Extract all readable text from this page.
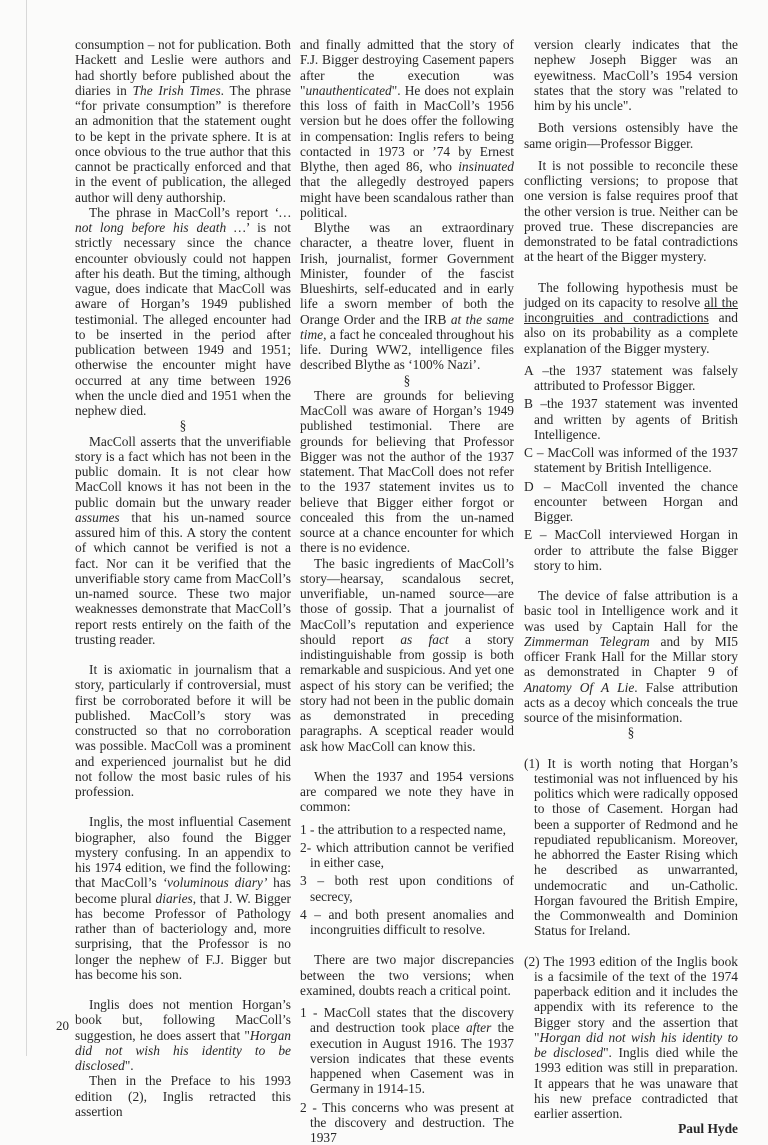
consumption – not for publication. Both Hackett and Leslie were authors and had shortly before published about the diaries in The Irish Times. The phrase “for private consumption” is therefore an admonition that the statement ought to be kept in the private sphere. It is at once obvious to the true author that this cannot be practically enforced and that in the event of publication, the alleged author will deny authorship.

The phrase in MacColl’s report ‘…not long before his death …’ is not strictly necessary since the chance encounter obviously could not happen after his death. But the timing, although vague, does indicate that MacColl was aware of Horgan’s 1949 published testimonial. The alleged encounter had to be inserted in the period after publication between 1949 and 1951; otherwise the encounter might have occurred at any time between 1926 when the uncle died and 1951 when the nephew died.

§

MacColl asserts that the unverifiable story is a fact which has not been in the public domain. It is not clear how MacColl knows it has not been in the public domain but the unwary reader assumes that his un-named source assured him of this. A story the content of which cannot be verified is not a fact. Nor can it be verified that the unverifiable story came from MacColl’s un-named source. These two major weaknesses demonstrate that MacColl’s report rests entirely on the faith of the trusting reader.

It is axiomatic in journalism that a story, particularly if controversial, must first be corroborated before it will be published. MacColl’s story was constructed so that no corroboration was possible. MacColl was a prominent and experienced journalist but he did not follow the most basic rules of his profession.

Inglis, the most influential Casement biographer, also found the Bigger mystery confusing. In an appendix to his 1974 edition, we find the following: that MacColl’s ‘voluminous diary’ has become plural diaries, that J. W. Bigger has become Professor of Pathology rather than of bacteriology and, more surprising, that the Professor is no longer the nephew of F.J. Bigger but has become his son.

Inglis does not mention Horgan’s book but, following MacColl’s suggestion, he does assert that "Horgan did not wish his identity to be disclosed".

Then in the Preface to his 1993 edition (2), Inglis retracted this assertion

and finally admitted that the story of F.J. Bigger destroying Casement papers after the execution was "unauthenticated". He does not explain this loss of faith in MacColl’s 1956 version but he does offer the following in compensation: Inglis refers to being contacted in 1973 or ’74 by Ernest Blythe, then aged 86, who insinuated that the allegedly destroyed papers might have been scandalous rather than political.

Blythe was an extraordinary character, a theatre lover, fluent in Irish, journalist, former Government Minister, founder of the fascist Blueshirts, self-educated and in early life a sworn member of both the Orange Order and the IRB at the same time, a fact he concealed throughout his life. During WW2, intelligence files described Blythe as ‘100% Nazi’.

§

There are grounds for believing MacColl was aware of Horgan’s 1949 published testimonial. There are grounds for believing that Professor Bigger was not the author of the 1937 statement. That MacColl does not refer to the 1937 statement invites us to believe that Bigger either forgot or concealed this from the un-named source at a chance encounter for which there is no evidence.

The basic ingredients of MacColl’s story—hearsay, scandalous secret, unverifiable, un-named source—are those of gossip. That a journalist of MacColl’s reputation and experience should report as fact a story indistinguishable from gossip is both remarkable and suspicious. And yet one aspect of his story can be verified; the story had not been in the public domain as demonstrated in preceding paragraphs. A sceptical reader would ask how MacColl can know this.

When the 1937 and 1954 versions are compared we note they have in common:

1 - the attribution to a respected name,

2- which attribution cannot be verified in either case,

3 – both rest upon conditions of secrecy,

4 – and both present anomalies and incongruities difficult to resolve.

There are two major discrepancies between the two versions; when examined, doubts reach a critical point.

1 - MacColl states that the discovery and destruction took place after the execution in August 1916. The 1937 version indicates that these events happened when Casement was in Germany in 1914-15.

2 - This concerns who was present at the discovery and destruction. The 1937

version clearly indicates that the nephew Joseph Bigger was an eyewitness. MacColl’s 1954 version states that the story was "related to him by his uncle".

Both versions ostensibly have the same origin—Professor Bigger.

It is not possible to reconcile these conflicting versions; to propose that one version is false requires proof that the other version is true. Neither can be proved true. These discrepancies are demonstrated to be fatal contradictions at the heart of the Bigger mystery.

The following hypothesis must be judged on its capacity to resolve all the incongruities and contradictions and also on its probability as a complete explanation of the Bigger mystery.

A –the 1937 statement was falsely attributed to Professor Bigger.

B –the 1937 statement was invented and written by agents of British Intelligence.

C – MacColl was informed of the 1937 statement by British Intelligence.

D – MacColl invented the chance encounter between Horgan and Bigger.

E – MacColl interviewed Horgan in order to attribute the false Bigger story to him.

The device of false attribution is a basic tool in Intelligence work and it was used by Captain Hall for the Zimmerman Telegram and by MI5 officer Frank Hall for the Millar story as demonstrated in Chapter 9 of Anatomy Of A Lie. False attribution acts as a decoy which conceals the true source of the misinformation.

§

(1) It is worth noting that Horgan’s testimonial was not influenced by his politics which were radically opposed to those of Casement. Horgan had been a supporter of Redmond and he repudiated republicanism. Moreover, he abhorred the Easter Rising which he described as unwarranted, undemocratic and un-Catholic. Horgan favoured the British Empire, the Commonwealth and Dominion Status for Ireland.

(2) The 1993 edition of the Inglis book is a facsimile of the text of the 1974 paperback edition and it includes the appendix with its reference to the Bigger story and the assertion that "Horgan did not wish his identity to be disclosed". Inglis died while the 1993 edition was still in preparation. It appears that he was unaware that his new preface contradicted that earlier assertion.

Paul Hyde

20
